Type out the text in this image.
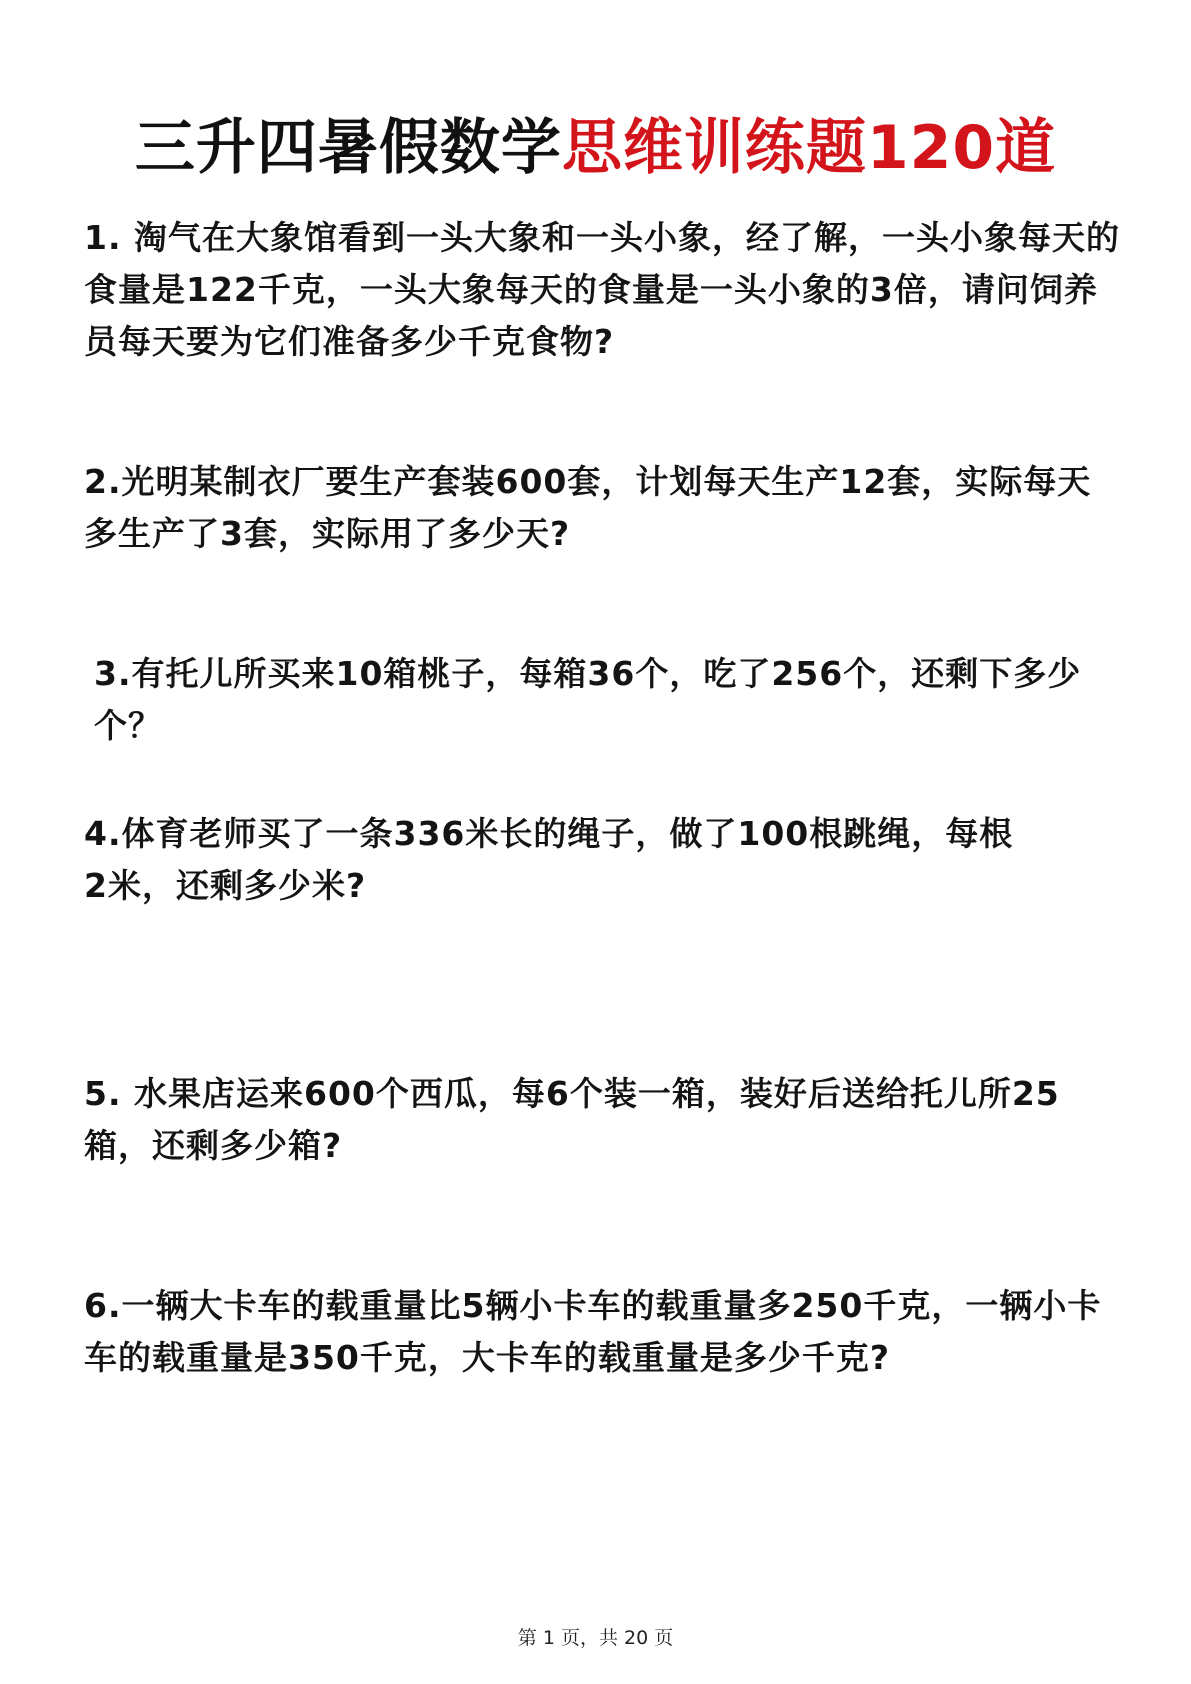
三升四暑假数学思维训练题120道
1. 淘气在大象馆看到一头大象和一头小象，经了解，一头小象每天的食量是122千克，一头大象每天的食量是一头小象的3倍，请问饲养员每天要为它们准备多少千克食物?
2.光明某制衣厂要生产套装600套，计划每天生产12套，实际每天多生产了3套，实际用了多少天?
3.有托儿所买来10箱桃子，每箱36个，吃了256个，还剩下多少个？
4.体育老师买了一条336米长的绳子，做了100根跳绳，每根2米，还剩多少米?
5. 水果店运来600个西瓜，每6个装一箱，装好后送给托儿所25箱，还剩多少箱?
6.一辆大卡车的载重量比5辆小卡车的载重量多250千克，一辆小卡车的载重量是350千克，大卡车的载重量是多少千克?
第 1 页，共 20 页
